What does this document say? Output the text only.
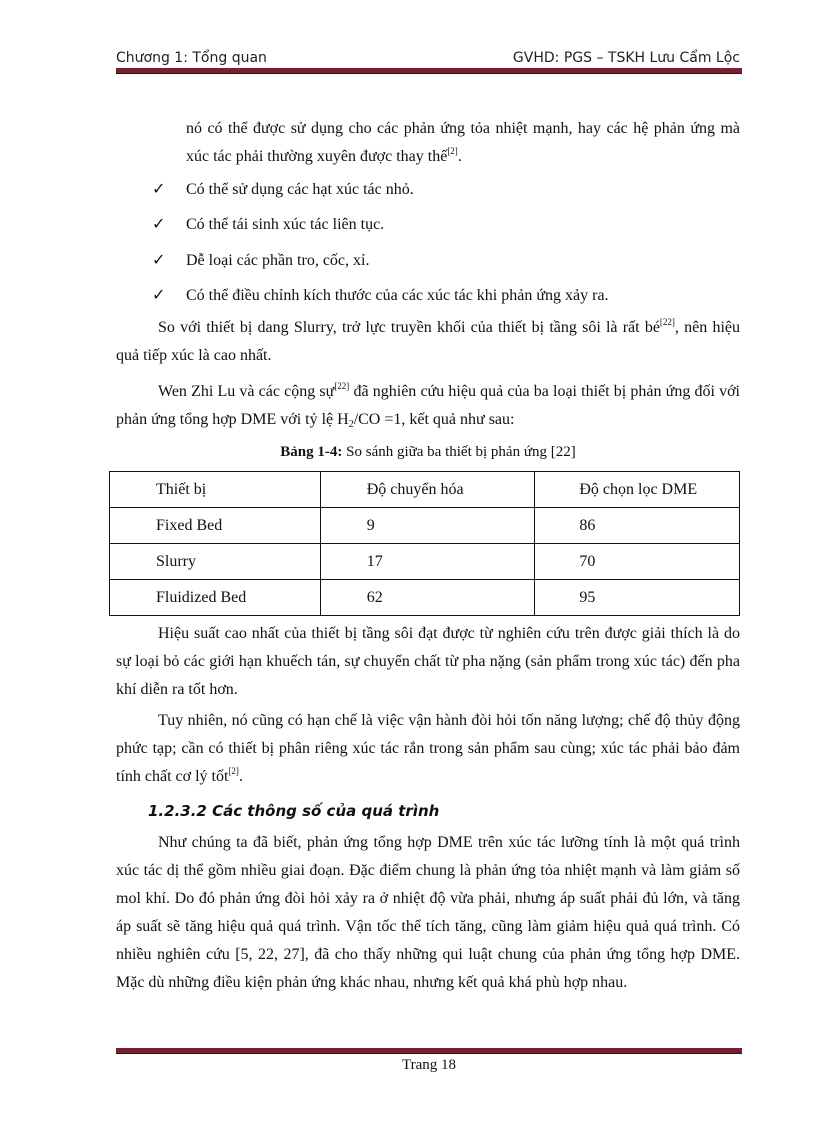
Chương 1: Tổng quan	GVHD: PGS – TSKH Lưu Cẩm Lộc
nó có thể được sử dụng cho các phản ứng tỏa nhiệt mạnh, hay các hệ phản ứng mà xúc tác phải thường xuyên được thay thế[2].
✓	Có thể sử dụng các hạt xúc tác nhỏ.
✓	Có thể tái sinh xúc tác liên tục.
✓	Dễ loại các phần tro, cốc, xỉ.
✓	Có thể điều chỉnh kích thước của các xúc tác khi phản ứng xảy ra.
So với thiết bị dang Slurry, trở lực truyền khối của thiết bị tầng sôi là rất bé[22], nên hiệu quả tiếp xúc là cao nhất.
Wen Zhi Lu và các cộng sự[22] đã nghiên cứu hiệu quả của ba loại thiết bị phản ứng đối với phản ứng tổng hợp DME với tỷ lệ $H_2/CO =1$, kết quả như sau:
Bảng 1-4: So sánh giữa ba thiết bị phản ứng [22]
Thiết bị	Độ chuyển hóa	Độ chọn lọc DME
Fixed Bed	9	86
Slurry	17	70
Fluidized Bed	62	95
Hiệu suất cao nhất của thiết bị tầng sôi đạt được từ nghiên cứu trên được giải thích là do sự loại bỏ các giới hạn khuếch tán, sự chuyển chất từ pha nặng (sản phẩm trong xúc tác) đến pha khí diễn ra tốt hơn.
Tuy nhiên, nó cũng có hạn chế là việc vận hành đòi hỏi tốn năng lượng; chế độ thủy động phức tạp; cần có thiết bị phân riêng xúc tác rắn trong sản phẩm sau cùng; xúc tác phải bảo đảm tính chất cơ lý tốt[2].
1.2.3.2 Các thông số của quá trình
Như chúng ta đã biết, phản ứng tổng hợp DME trên xúc tác lưỡng tính là một quá trình xúc tác dị thể gồm nhiều giai đoạn. Đặc điểm chung là phản ứng tỏa nhiệt mạnh và làm giảm số mol khí. Do đó phản ứng đòi hỏi xảy ra ở nhiệt độ vừa phải, nhưng áp suất phải đủ lớn, và tăng áp suất sẽ tăng hiệu quả quá trình. Vận tốc thể tích tăng, cũng làm giảm hiệu quả quá trình. Có nhiều nghiên cứu [5, 22, 27], đã cho thấy những qui luật chung của phản ứng tổng hợp DME. Mặc dù những điều kiện phản ứng khác nhau, nhưng kết quả khá phù hợp nhau.
Trang 18
